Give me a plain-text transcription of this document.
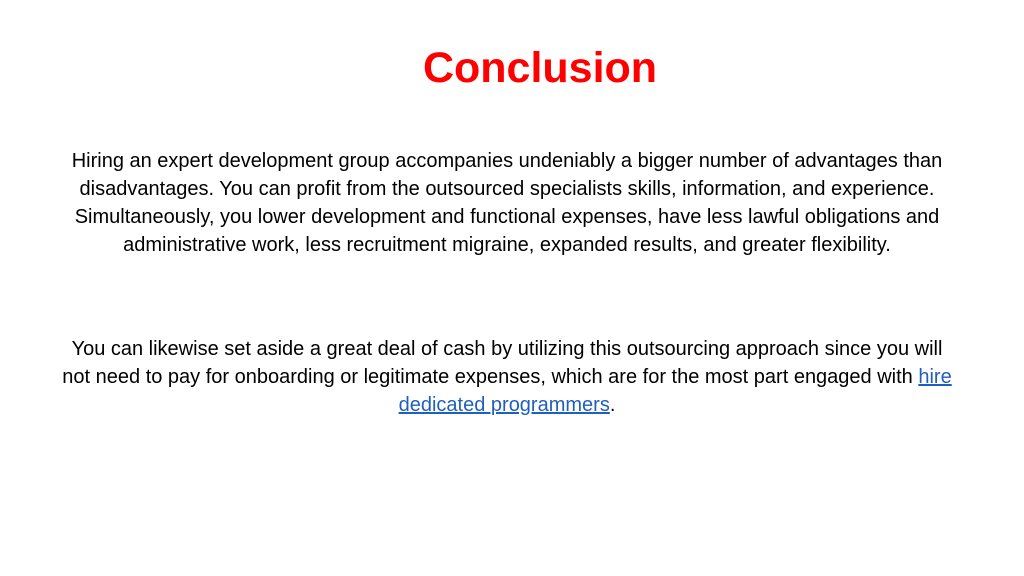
Conclusion

Hiring an expert development group accompanies undeniably a bigger number of advantages than disadvantages. You can profit from the outsourced specialists skills, information, and experience. Simultaneously, you lower development and functional expenses, have less lawful obligations and administrative work, less recruitment migraine, expanded results, and greater flexibility.

You can likewise set aside a great deal of cash by utilizing this outsourcing approach since you will not need to pay for onboarding or legitimate expenses, which are for the most part engaged with hire dedicated programmers.
